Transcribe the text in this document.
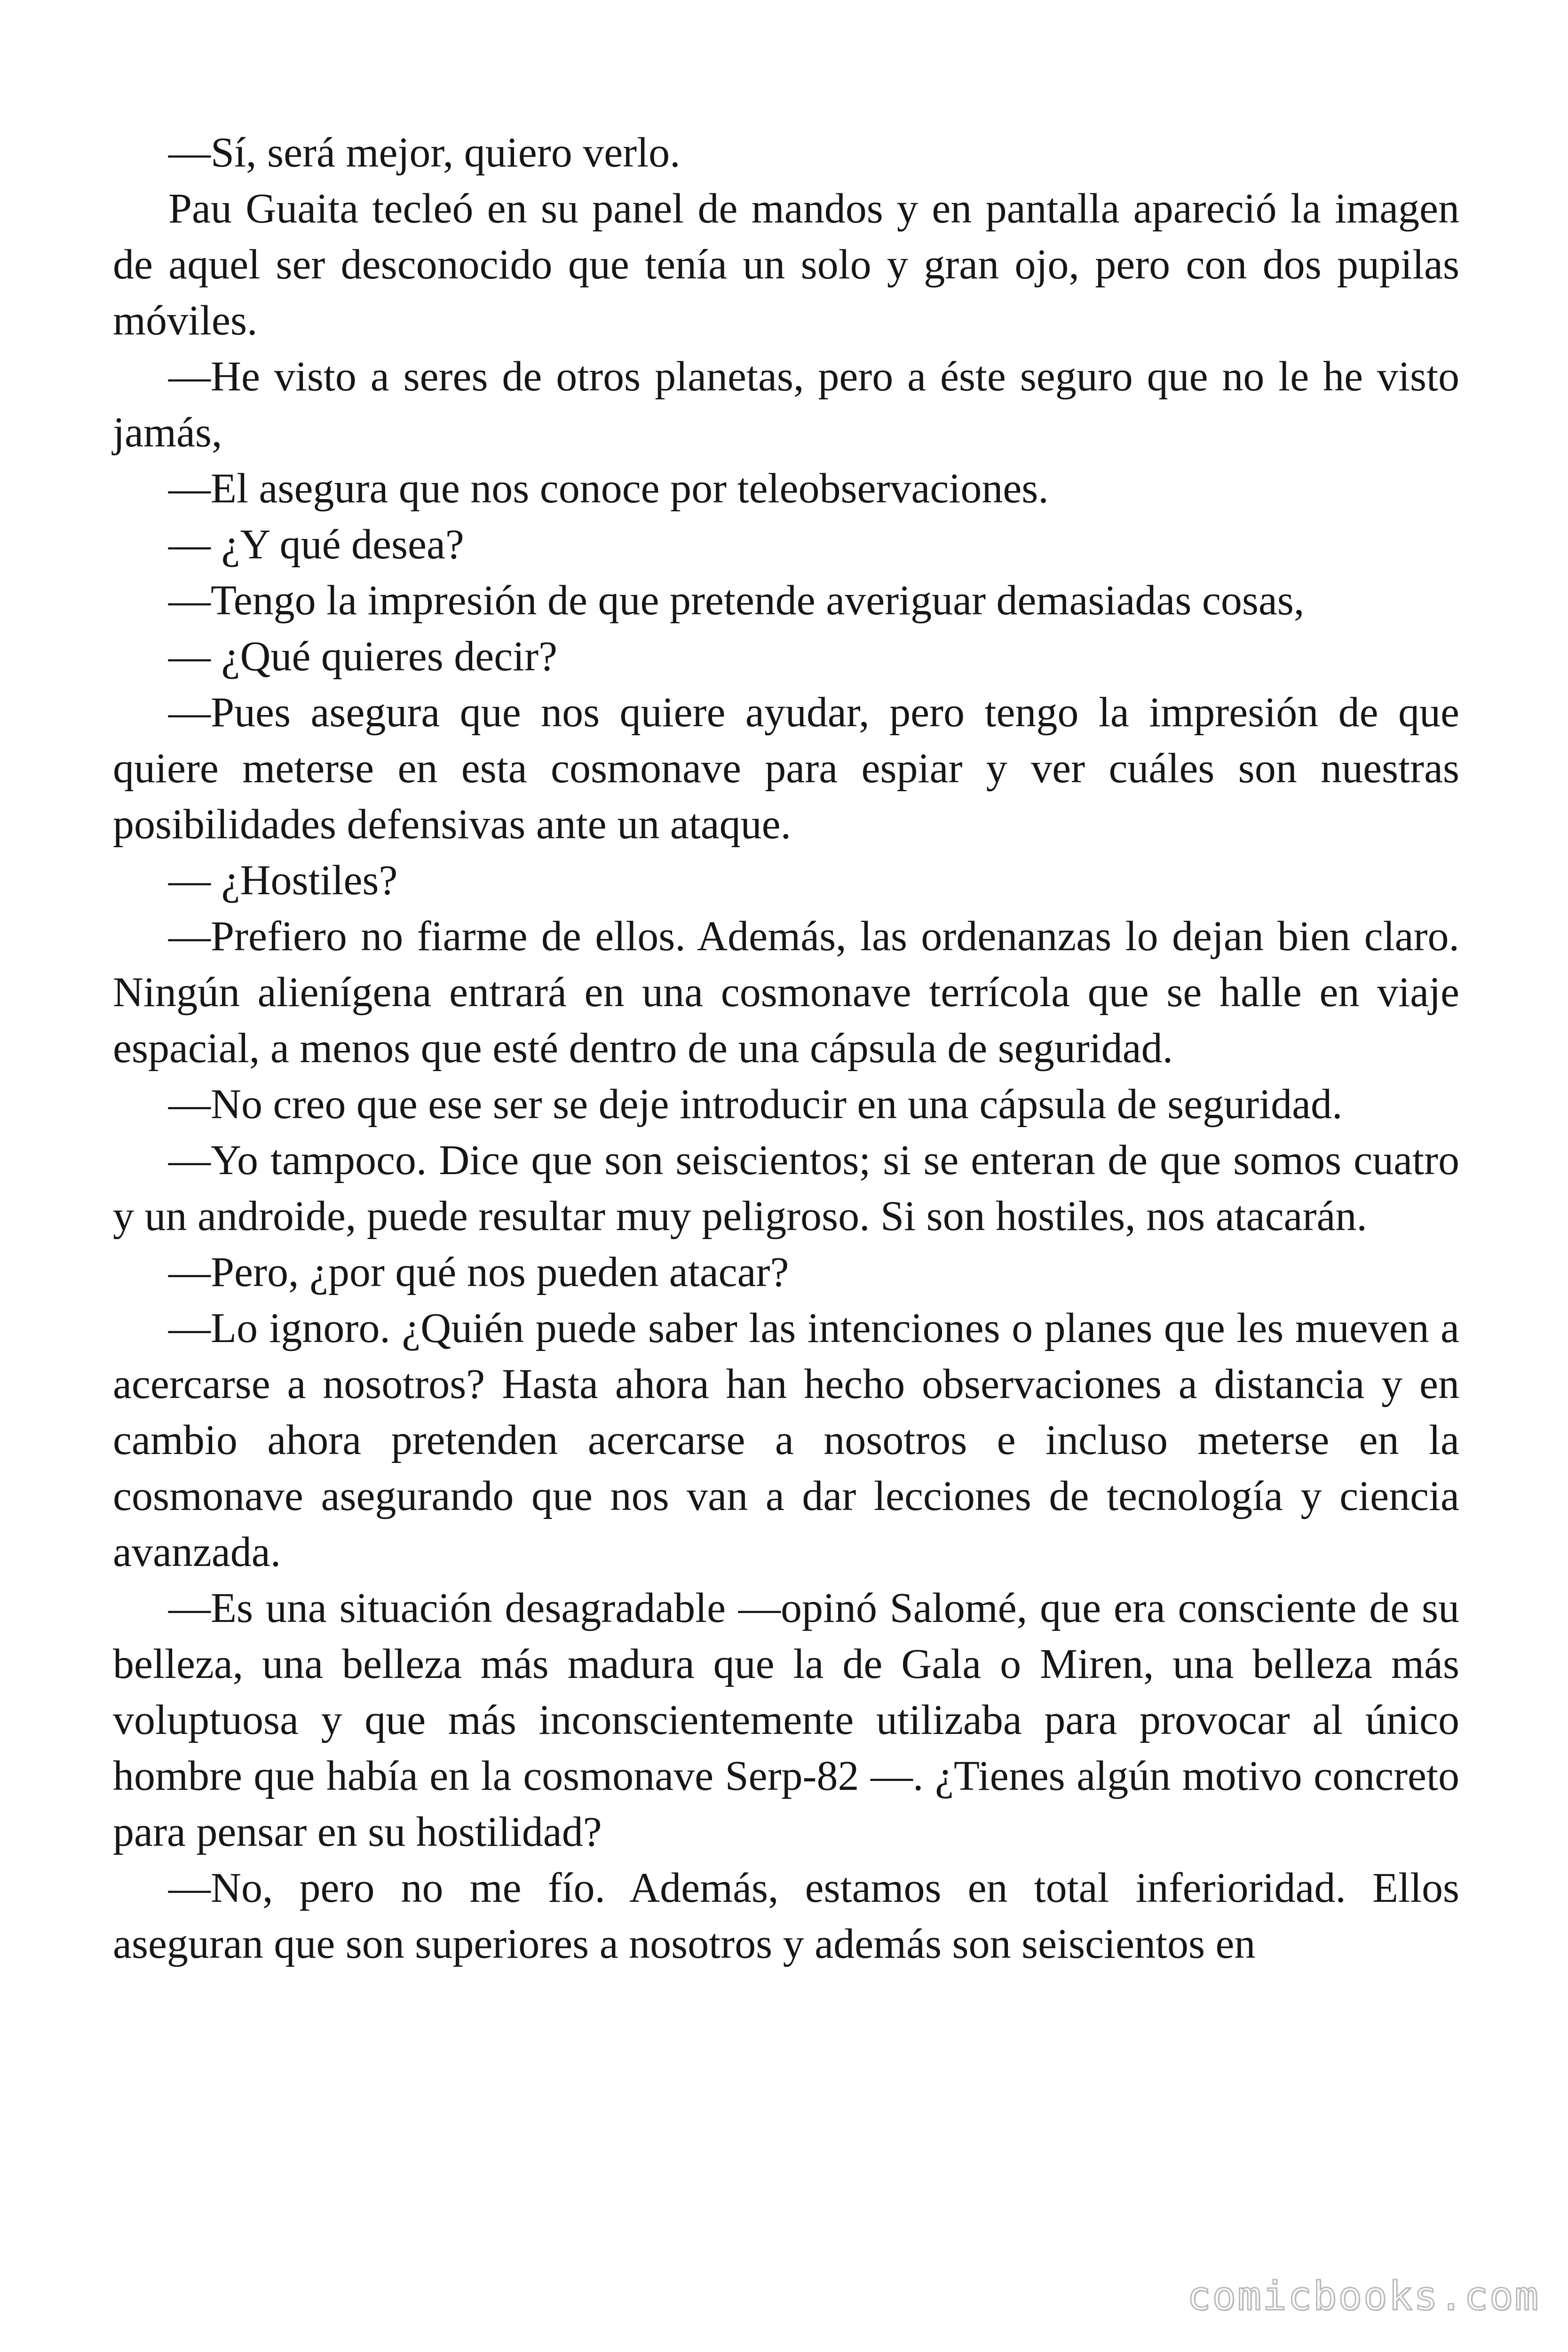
—Sí, será mejor, quiero verlo.

Pau Guaita tecleó en su panel de mandos y en pantalla apareció la imagen de aquel ser desconocido que tenía un solo y gran ojo, pero con dos pupilas móviles.

—He visto a seres de otros planetas, pero a éste seguro que no le he visto jamás,

—El asegura que nos conoce por teleobservaciones.

— ¿Y qué desea?

—Tengo la impresión de que pretende averiguar demasiadas cosas,

— ¿Qué quieres decir?

—Pues asegura que nos quiere ayudar, pero tengo la impresión de que quiere meterse en esta cosmonave para espiar y ver cuáles son nuestras posibilidades defensivas ante un ataque.

— ¿Hostiles?

—Prefiero no fiarme de ellos. Además, las ordenanzas lo dejan bien claro. Ningún alienígena entrará en una cosmonave terrícola que se halle en viaje espacial, a menos que esté dentro de una cápsula de seguridad.

—No creo que ese ser se deje introducir en una cápsula de seguridad.

—Yo tampoco. Dice que son seiscientos; si se enteran de que somos cuatro y un androide, puede resultar muy peligroso. Si son hostiles, nos atacarán.

—Pero, ¿por qué nos pueden atacar?

—Lo ignoro. ¿Quién puede saber las intenciones o planes que les mueven a acercarse a nosotros? Hasta ahora han hecho observaciones a distancia y en cambio ahora pretenden acercarse a nosotros e incluso meterse en la cosmonave asegurando que nos van a dar lecciones de tecnología y ciencia avanzada.

—Es una situación desagradable —opinó Salomé, que era consciente de su belleza, una belleza más madura que la de Gala o Miren, una belleza más voluptuosa y que más inconscientemente utilizaba para provocar al único hombre que había en la cosmonave Serp-82 —. ¿Tienes algún motivo concreto para pensar en su hostilidad?

—No, pero no me fío. Además, estamos en total inferioridad. Ellos aseguran que son superiores a nosotros y además son seiscientos en

comicbooks.com
